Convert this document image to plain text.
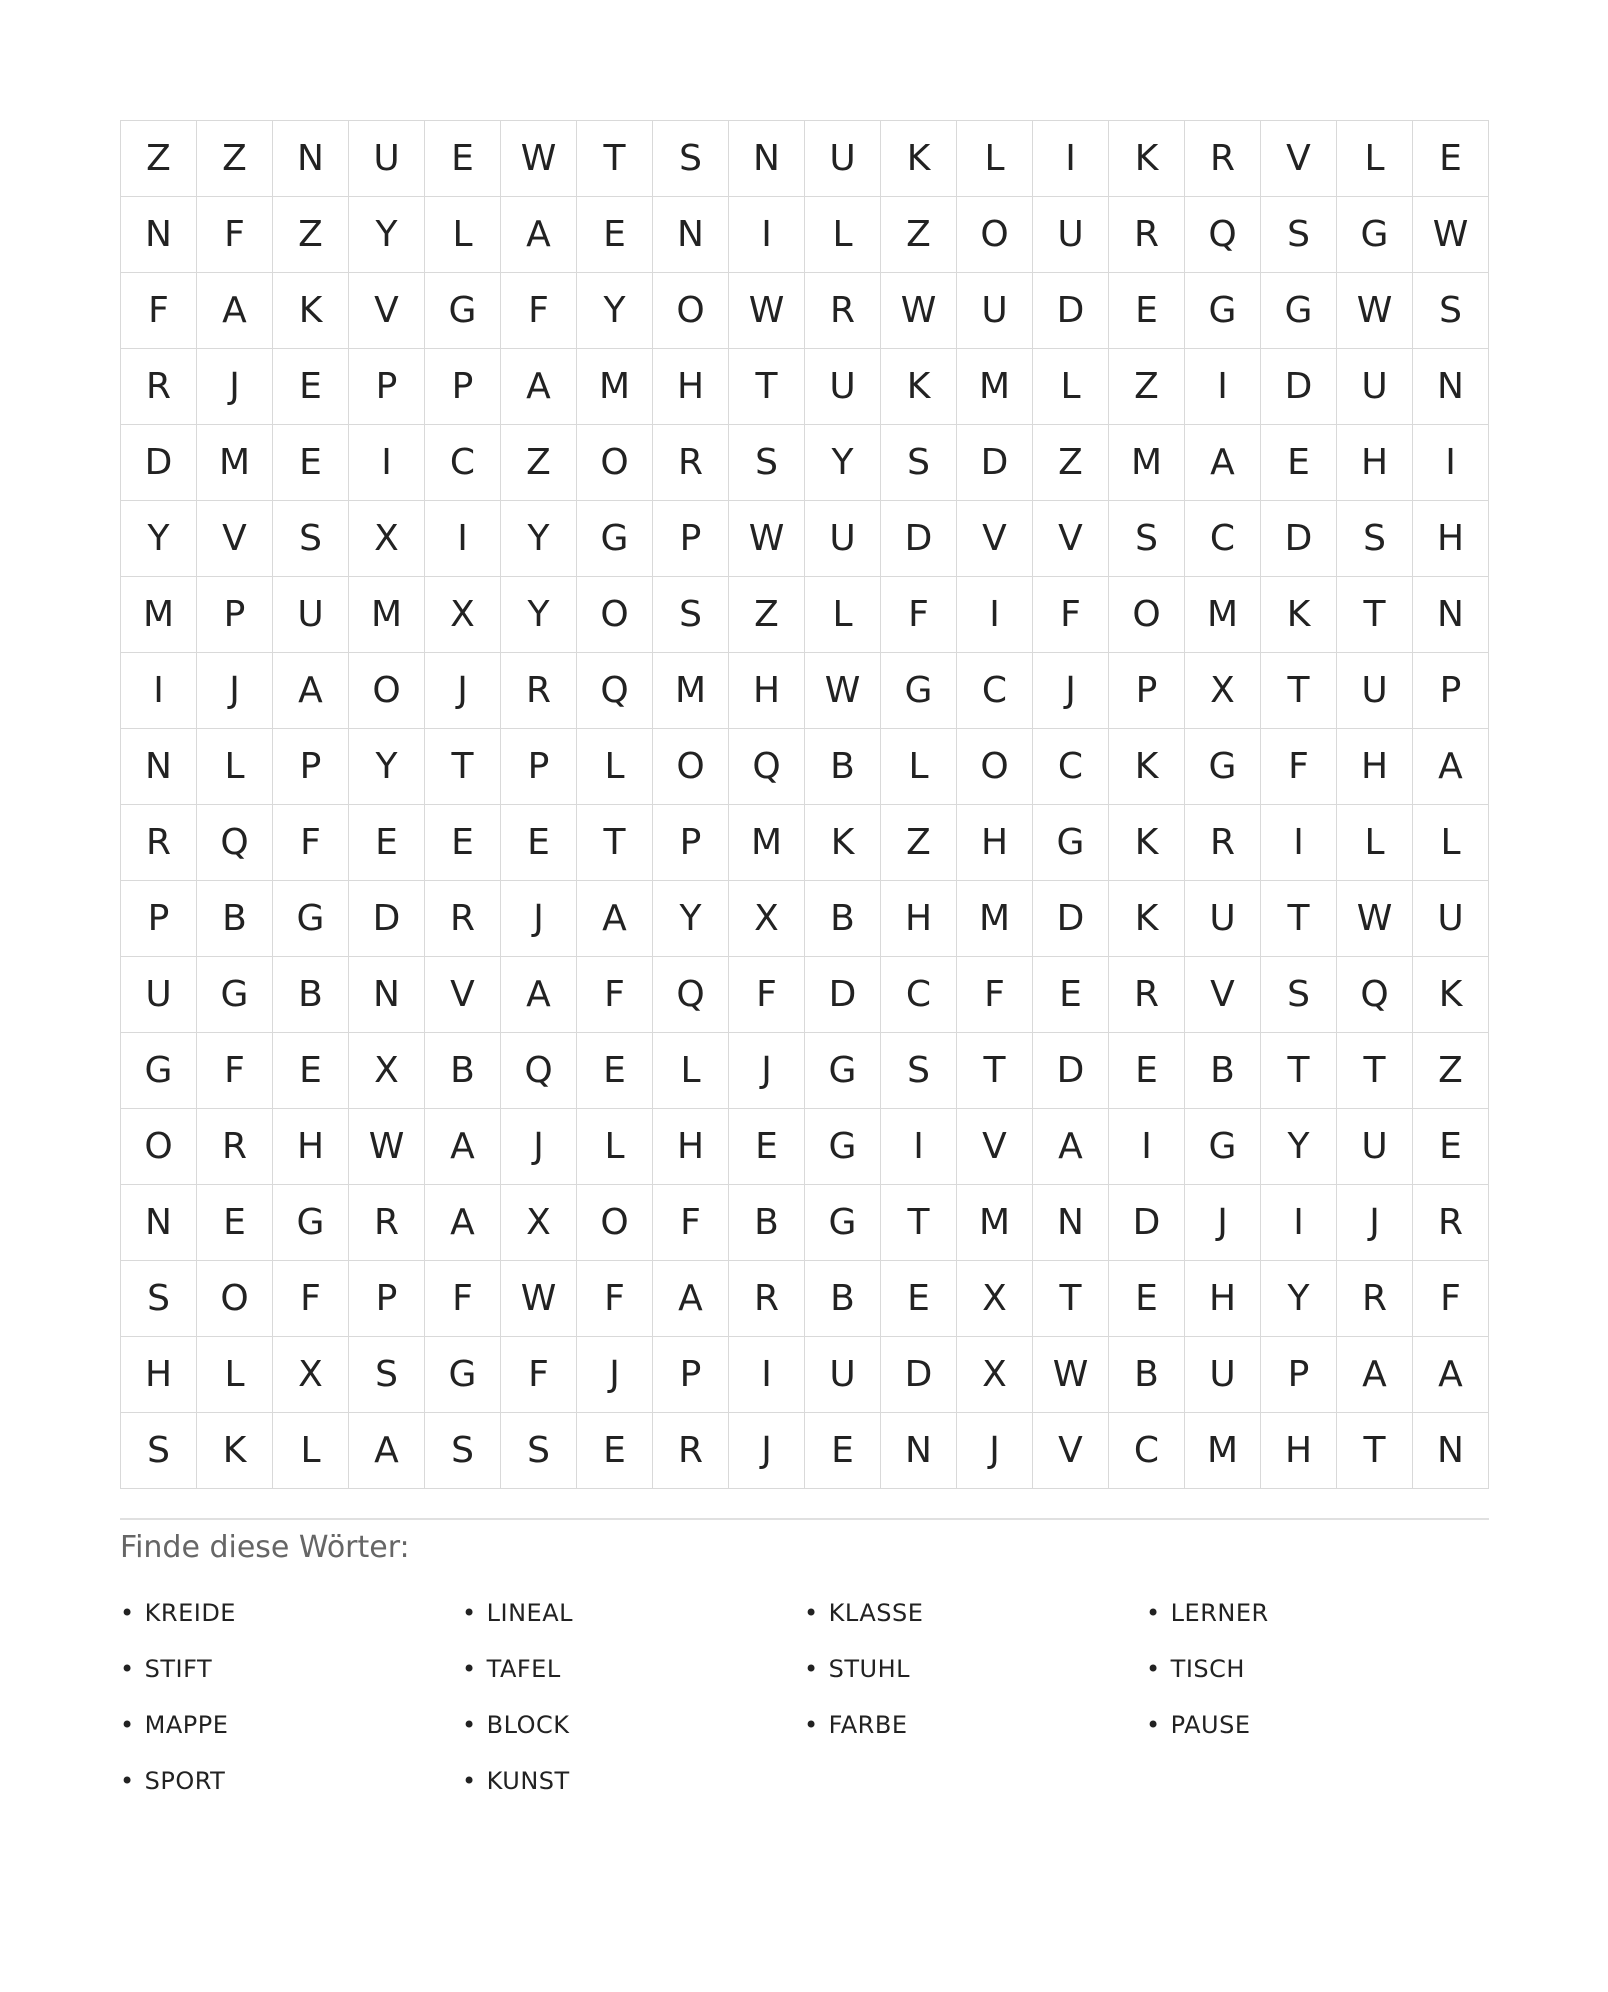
Z	Z	N	U	E	W	T	S	N	U	K	L	I	K	R	V	L	E
N	F	Z	Y	L	A	E	N	I	L	Z	O	U	R	Q	S	G	W
F	A	K	V	G	F	Y	O	W	R	W	U	D	E	G	G	W	S
R	J	E	P	P	A	M	H	T	U	K	M	L	Z	I	D	U	N
D	M	E	I	C	Z	O	R	S	Y	S	D	Z	M	A	E	H	I
Y	V	S	X	I	Y	G	P	W	U	D	V	V	S	C	D	S	H
M	P	U	M	X	Y	O	S	Z	L	F	I	F	O	M	K	T	N
I	J	A	O	J	R	Q	M	H	W	G	C	J	P	X	T	U	P
N	L	P	Y	T	P	L	O	Q	B	L	O	C	K	G	F	H	A
R	Q	F	E	E	E	T	P	M	K	Z	H	G	K	R	I	L	L
P	B	G	D	R	J	A	Y	X	B	H	M	D	K	U	T	W	U
U	G	B	N	V	A	F	Q	F	D	C	F	E	R	V	S	Q	K
G	F	E	X	B	Q	E	L	J	G	S	T	D	E	B	T	T	Z
O	R	H	W	A	J	L	H	E	G	I	V	A	I	G	Y	U	E
N	E	G	R	A	X	O	F	B	G	T	M	N	D	J	I	J	R
S	O	F	P	F	W	F	A	R	B	E	X	T	E	H	Y	R	F
H	L	X	S	G	F	J	P	I	U	D	X	W	B	U	P	A	A
S	K	L	A	S	S	E	R	J	E	N	J	V	C	M	H	T	N
Finde diese Wörter:
• KREIDE	• LINEAL	• KLASSE	• LERNER
• STIFT	• TAFEL	• STUHL	• TISCH
• MAPPE	• BLOCK	• FARBE	• PAUSE
• SPORT	• KUNST
